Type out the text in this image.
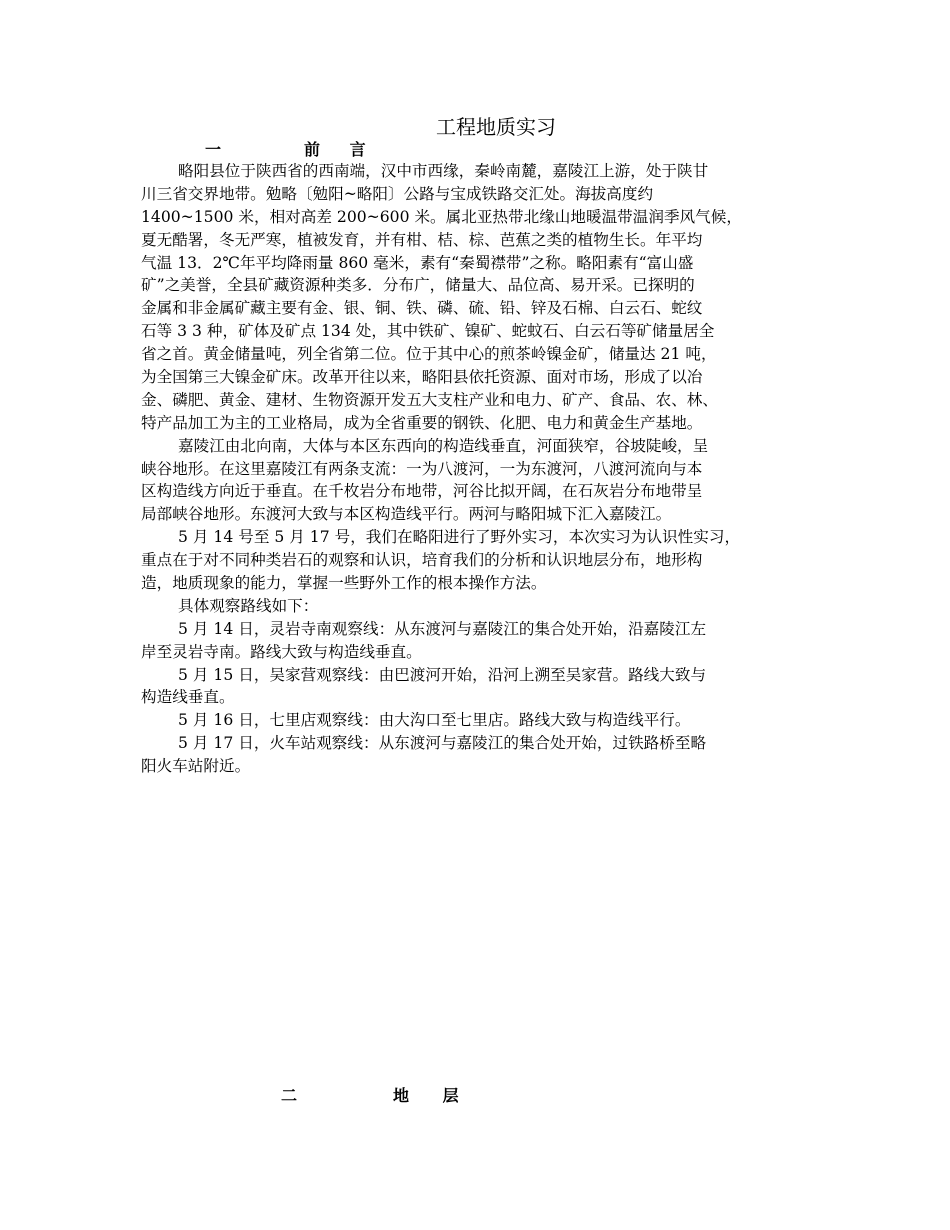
工程地质实习
一	前 言
略阳县位于陕西省的西南端，汉中市西缘，秦岭南麓，嘉陵江上游，处于陕甘
川三省交界地带。勉略〔勉阳~略阳〕公路与宝成铁路交汇处。海拔高度约
1400~1500 米，相对高差 200~600 米。属北亚热带北缘山地暖温带温润季风气候，
夏无酷署，冬无严寒，植被发育，并有柑、桔、棕、芭蕉之类的植物生长。年平均
气温 13．2℃年平均降雨量 860 毫米，素有“秦蜀襟带”之称。略阳素有“富山盛
矿”之美誉，全县矿藏资源种类多．分布广，储量大、品位高、易开采。已探明的
金属和非金属矿藏主要有金、银、铜、铁、磷、硫、铅、锌及石棉、白云石、蛇纹
石等 3 3 种，矿体及矿点 134 处，其中铁矿、镍矿、蛇蚊石、白云石等矿储量居全
省之首。黄金储量吨，列全省第二位。位于其中心的煎茶岭镍金矿，储量达 21 吨，
为全国第三大镍金矿床。改革开往以来，略阳县依托资源、面对市场，形成了以冶
金、磷肥、黄金、建材、生物资源开发五大支柱产业和电力、矿产、食品、农、林、
特产品加工为主的工业格局，成为全省重要的钢铁、化肥、电力和黄金生产基地。
嘉陵江由北向南，大体与本区东西向的构造线垂直，河面狭窄，谷坡陡峻，呈
峡谷地形。在这里嘉陵江有两条支流：一为八渡河，一为东渡河，八渡河流向与本
区构造线方向近于垂直。在千枚岩分布地带，河谷比拟开阔，在石灰岩分布地带呈
局部峡谷地形。东渡河大致与本区构造线平行。两河与略阳城下汇入嘉陵江。
5 月 14 号至 5 月 17 号，我们在略阳进行了野外实习，本次实习为认识性实习，
重点在于对不同种类岩石的观察和认识，培育我们的分析和认识地层分布，地形构
造，地质现象的能力，掌握一些野外工作的根本操作方法。
具体观察路线如下：
5 月 14 日，灵岩寺南观察线：从东渡河与嘉陵江的集合处开始，沿嘉陵江左
岸至灵岩寺南。路线大致与构造线垂直。
5 月 15 日，吴家营观察线：由巴渡河开始，沿河上溯至吴家营。路线大致与
构造线垂直。
5 月 16 日，七里店观察线：由大沟口至七里店。路线大致与构造线平行。
5 月 17 日，火车站观察线：从东渡河与嘉陵江的集合处开始，过铁路桥至略
阳火车站附近。
二	地 层
